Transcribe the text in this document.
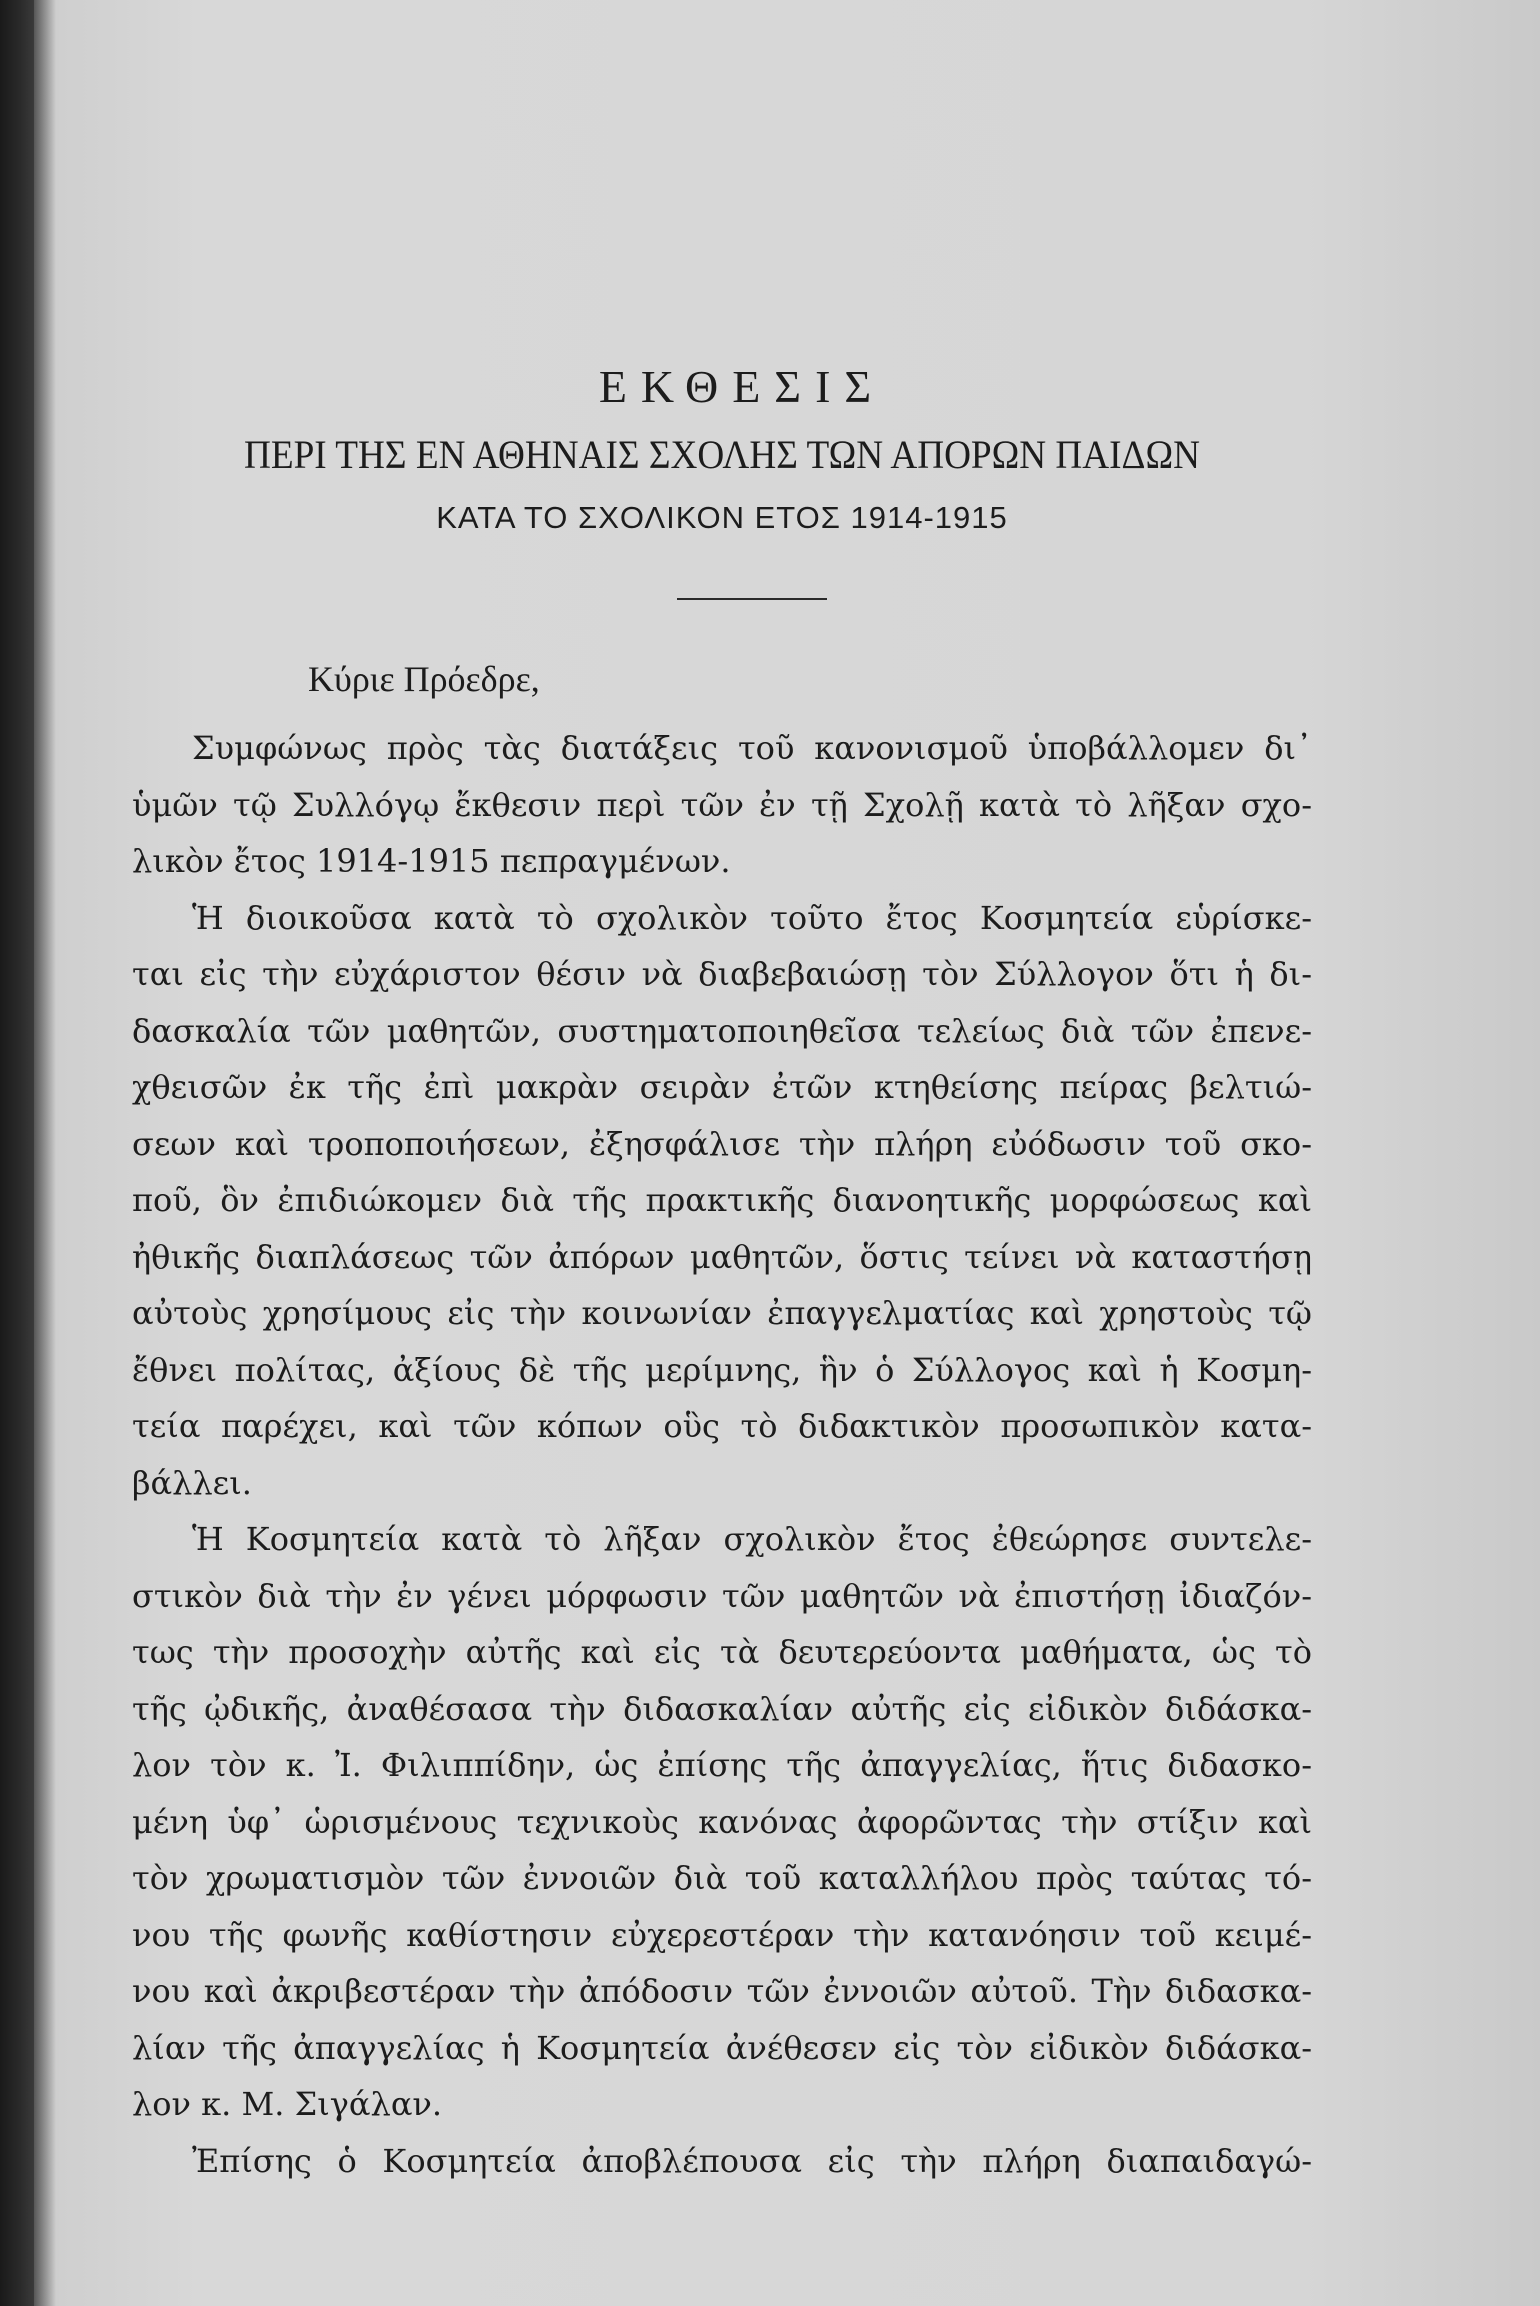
ΕΚΘΕΣΙΣ
ΠΕΡΙ ΤΗΣ ΕΝ ΑΘΗΝΑΙΣ ΣΧΟΛΗΣ ΤΩΝ ΑΠΟΡΩΝ ΠΑΙΔΩΝ
ΚΑΤΑ ΤΟ ΣΧΟΛΙΚΟΝ ΕΤΟΣ 1914-1915
Κύριε Πρόεδρε,
Συμφώνως πρὸς τὰς διατάξεις τοῦ κανονισμοῦ ὑποβάλλομεν δι᾿
ὑμῶν τῷ Συλλόγῳ ἔκθεσιν περὶ τῶν ἐν τῇ Σχολῇ κατὰ τὸ λῆξαν σχο-
λικὸν ἔτος 1914-1915 πεπραγμένων.
Ἡ διοικοῦσα κατὰ τὸ σχολικὸν τοῦτο ἔτος Κοσμητεία εὑρίσκε-
ται εἰς τὴν εὐχάριστον θέσιν νὰ διαβεβαιώσῃ τὸν Σύλλογον ὅτι ἡ δι-
δασκαλία τῶν μαθητῶν, συστηματοποιηθεῖσα τελείως διὰ τῶν ἐπενε-
χθεισῶν ἐκ τῆς ἐπὶ μακρὰν σειρὰν ἐτῶν κτηθείσης πείρας βελτιώ-
σεων καὶ τροποποιήσεων, ἐξησφάλισε τὴν πλήρη εὐόδωσιν τοῦ σκο-
ποῦ, ὃν ἐπιδιώκομεν διὰ τῆς πρακτικῆς διανοητικῆς μορφώσεως καὶ
ἠθικῆς διαπλάσεως τῶν ἀπόρων μαθητῶν, ὅστις τείνει νὰ καταστήσῃ
αὐτοὺς χρησίμους εἰς τὴν κοινωνίαν ἐπαγγελματίας καὶ χρηστοὺς τῷ
ἔθνει πολίτας, ἀξίους δὲ τῆς μερίμνης, ἣν ὁ Σύλλογος καὶ ἡ Κοσμη-
τεία παρέχει, καὶ τῶν κόπων οὓς τὸ διδακτικὸν προσωπικὸν κατα-
βάλλει.
Ἡ Κοσμητεία κατὰ τὸ λῆξαν σχολικὸν ἔτος ἐθεώρησε συντελε-
στικὸν διὰ τὴν ἐν γένει μόρφωσιν τῶν μαθητῶν νὰ ἐπιστήσῃ ἰδιαζόν-
τως τὴν προσοχὴν αὐτῆς καὶ εἰς τὰ δευτερεύοντα μαθήματα, ὡς τὸ
τῆς ᾠδικῆς, ἀναθέσασα τὴν διδασκαλίαν αὐτῆς εἰς εἰδικὸν διδάσκα-
λον τὸν κ. Ἰ. Φιλιππίδην, ὡς ἐπίσης τῆς ἀπαγγελίας, ἥτις διδασκο-
μένη ὑφ᾿ ὡρισμένους τεχνικοὺς κανόνας ἀφορῶντας τὴν στίξιν καὶ
τὸν χρωματισμὸν τῶν ἐννοιῶν διὰ τοῦ καταλλήλου πρὸς ταύτας τό-
νου τῆς φωνῆς καθίστησιν εὐχερεστέραν τὴν κατανόησιν τοῦ κειμέ-
νου καὶ ἀκριβεστέραν τὴν ἀπόδοσιν τῶν ἐννοιῶν αὐτοῦ. Τὴν διδασκα-
λίαν τῆς ἀπαγγελίας ἡ Κοσμητεία ἀνέθεσεν εἰς τὸν εἰδικὸν διδάσκα-
λον κ. Μ. Σιγάλαν.
Ἐπίσης ὁ Κοσμητεία ἀποβλέπουσα εἰς τὴν πλήρη διαπαιδαγώ-
